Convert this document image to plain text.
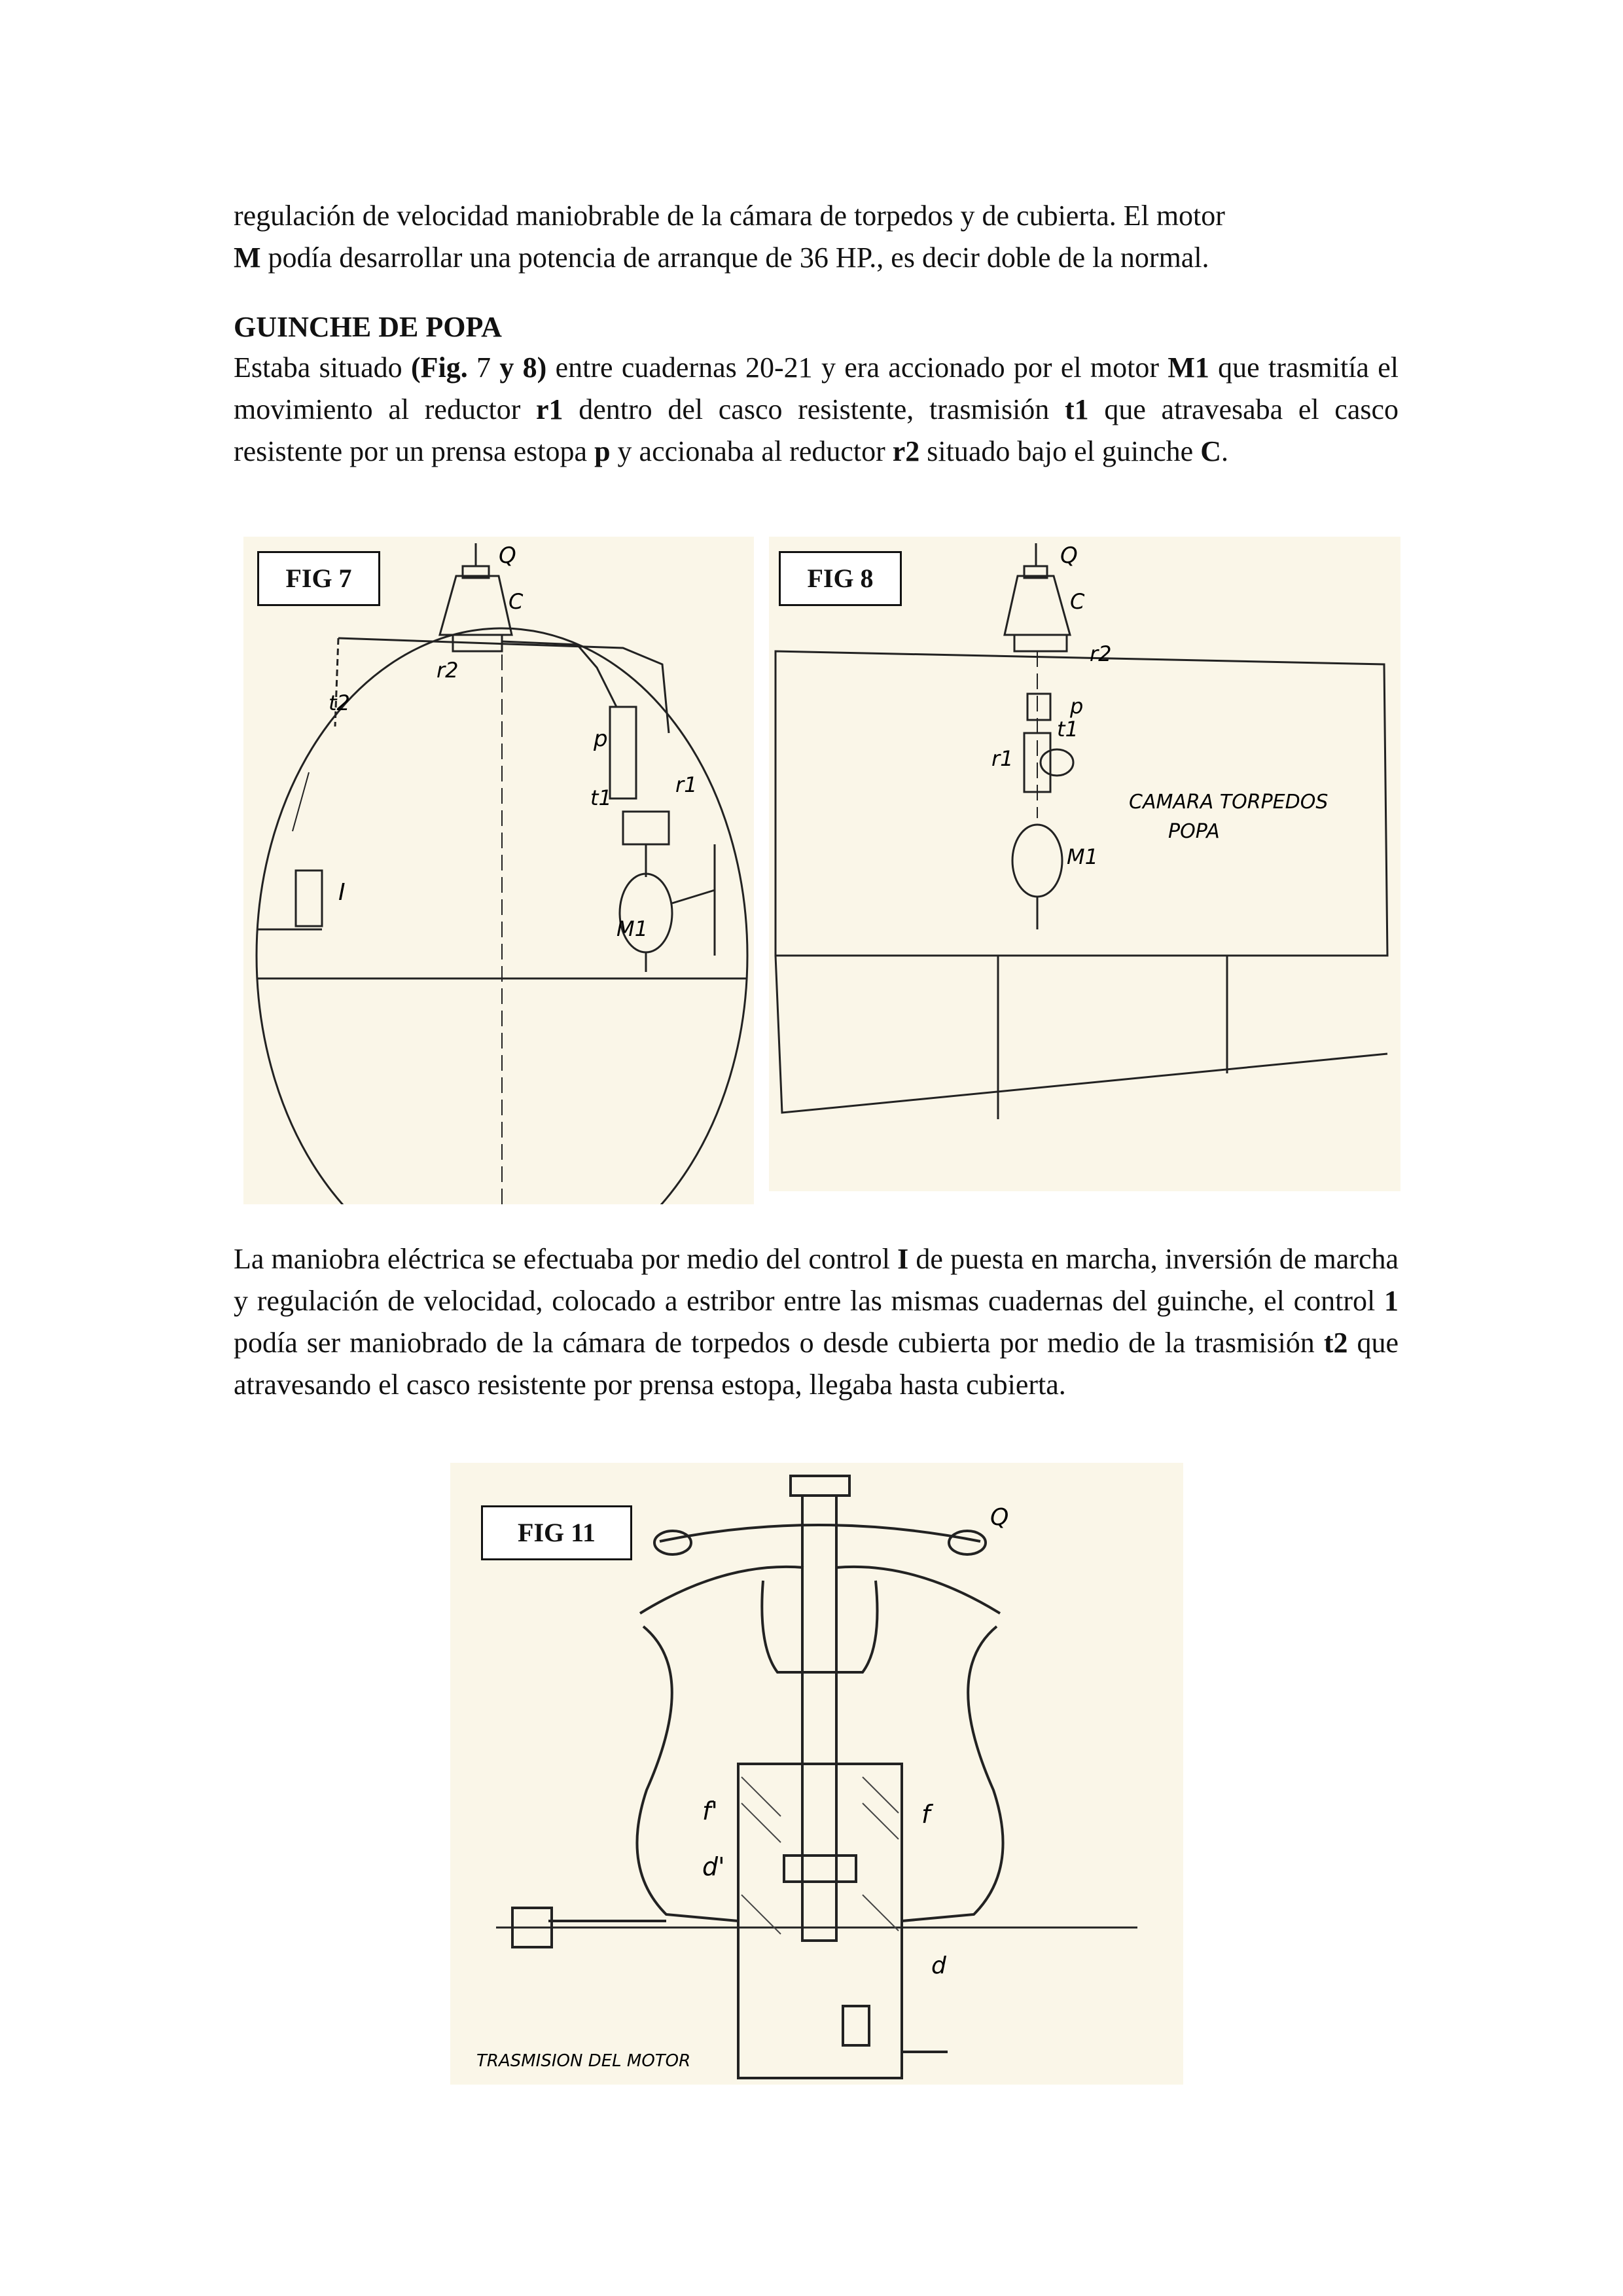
regulación de velocidad maniobrable de la cámara de torpedos y de cubierta. El motor
M podía desarrollar una potencia de arranque de 36 HP., es decir doble de la normal.
GUINCHE DE POPA
Estaba situado (Fig. 7 y 8) entre cuadernas 20-21 y era accionado por el motor M1 que trasmitía el movimiento al reductor r1 dentro del casco resistente, trasmisión t1 que atravesaba el casco resistente por un prensa estopa p y accionaba al reductor r2 situado bajo el guinche C.
Q
C
r2
t2
p
t1
r1
I
M1
FIG 7
Q
C
r2
p
t1
r1
M1
CAMARA TORPEDOS
POPA
FIG 8
La maniobra eléctrica se efectuaba por medio del control I de puesta en marcha, inversión de marcha y regulación de velocidad, colocado a estribor entre las mismas cuadernas del guinche, el control 1 podía ser maniobrado de la cámara de torpedos o desde cubierta por medio de la trasmisión t2 que atravesando el casco resistente por prensa estopa, llegaba hasta cubierta.
Q
f'	f
d'
d
TRASMISION DEL MOTOR
FIG 11
